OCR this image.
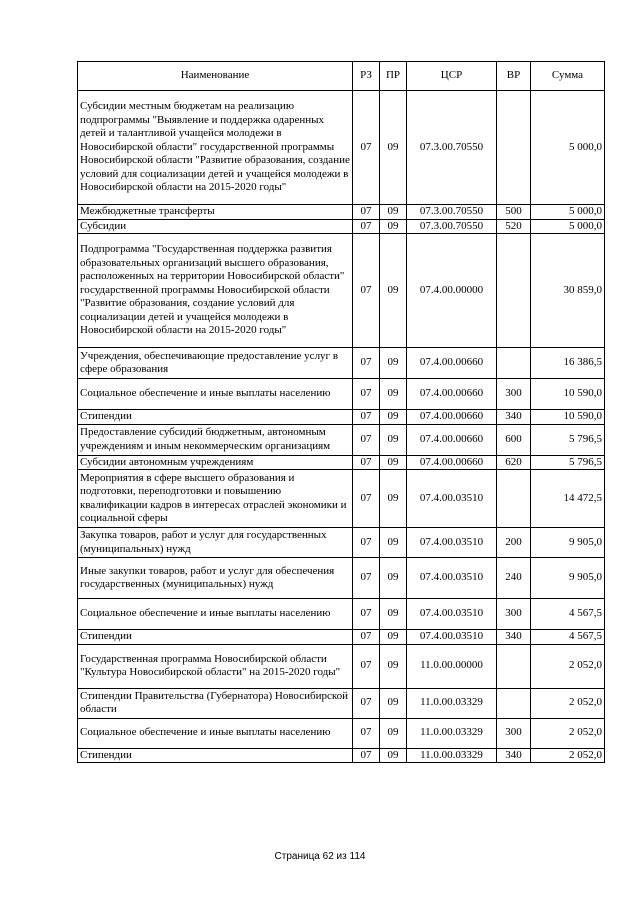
Наименование	РЗ	ПР	ЦСР	ВР	Сумма
Субсидии местным бюджетам на реализацию подпрограммы "Выявление и поддержка одаренных детей и талантливой учащейся молодежи в Новосибирской области" государственной программы Новосибирской области "Развитие образования, создание условий для социализации детей и учащейся молодежи в Новосибирской области на 2015-2020 годы"	07	09	07.3.00.70550		5 000,0
Межбюджетные трансферты	07	09	07.3.00.70550	500	5 000,0
Субсидии	07	09	07.3.00.70550	520	5 000,0
Подпрограмма "Государственная поддержка развития образовательных организаций высшего образования, расположенных на территории Новосибирской области" государственной программы Новосибирской области "Развитие образования, создание условий для социализации детей и учащейся молодежи в Новосибирской области на 2015-2020 годы"	07	09	07.4.00.00000		30 859,0
Учреждения, обеспечивающие предоставление услуг в сфере образования	07	09	07.4.00.00660		16 386,5
Социальное обеспечение и иные выплаты населению	07	09	07.4.00.00660	300	10 590,0
Стипендии	07	09	07.4.00.00660	340	10 590,0
Предоставление субсидий бюджетным, автономным учреждениям и иным некоммерческим организациям	07	09	07.4.00.00660	600	5 796,5
Субсидии автономным учреждениям	07	09	07.4.00.00660	620	5 796,5
Мероприятия в сфере высшего образования и подготовки, переподготовки и повышению квалификации кадров в интересах отраслей экономики и социальной сферы	07	09	07.4.00.03510		14 472,5
Закупка товаров, работ и услуг для государственных (муниципальных) нужд	07	09	07.4.00.03510	200	9 905,0
Иные закупки товаров, работ и услуг для обеспечения государственных (муниципальных) нужд	07	09	07.4.00.03510	240	9 905,0
Социальное обеспечение и иные выплаты населению	07	09	07.4.00.03510	300	4 567,5
Стипендии	07	09	07.4.00.03510	340	4 567,5
Государственная программа Новосибирской области "Культура Новосибирской области" на 2015-2020 годы"	07	09	11.0.00.00000		2 052,0
Стипендии Правительства (Губернатора) Новосибирской области	07	09	11.0.00.03329		2 052,0
Социальное обеспечение и иные выплаты населению	07	09	11.0.00.03329	300	2 052,0
Стипендии	07	09	11.0.00.03329	340	2 052,0
Страница 62 из 114
